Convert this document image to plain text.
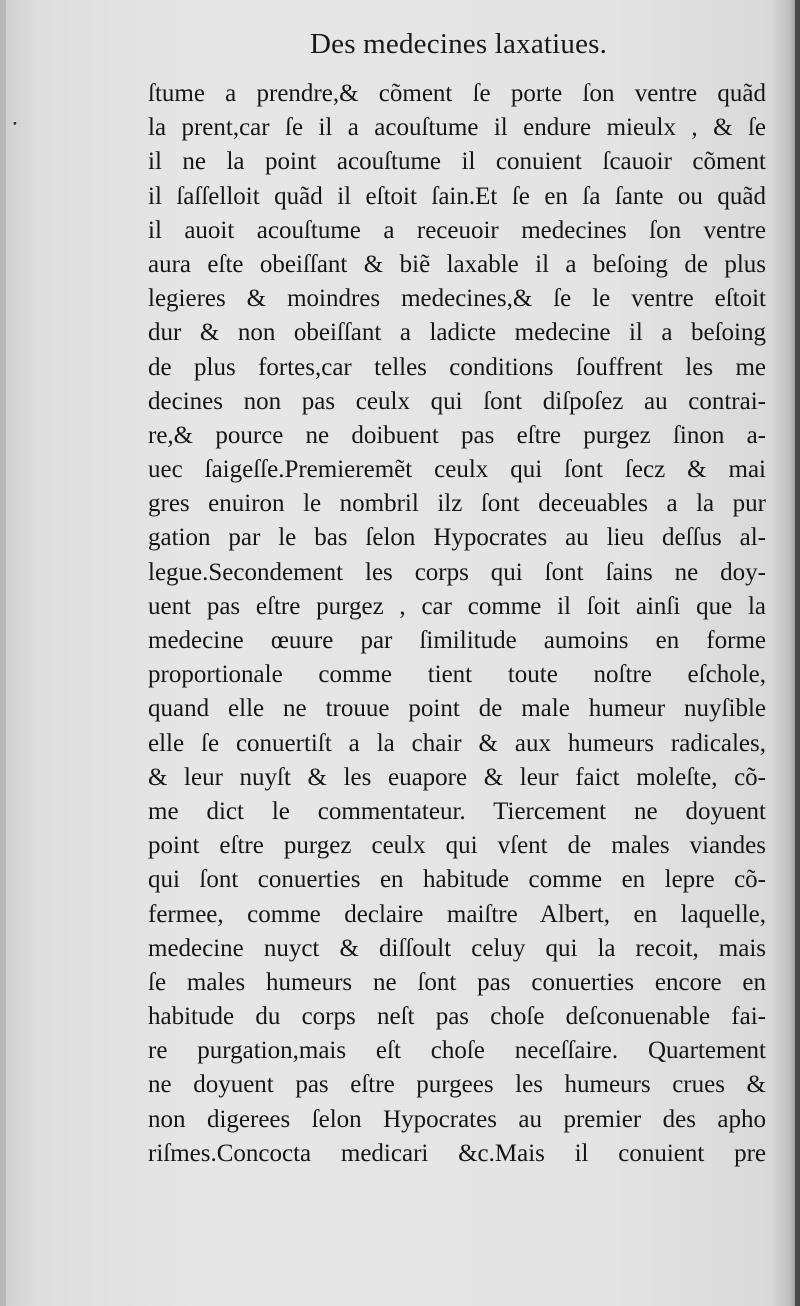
⸱
Des medecines laxatiues.
ſtume a prendre,& cõment ſe porte ſon ventre quãd
la prent,car ſe il a acouſtume il endure mieulx , & ſe
il ne la point acouſtume il conuient ſcauoir cõment
il ſaſſelloit quãd il eſtoit ſain.Et ſe en ſa ſante ou quãd
il auoit acouſtume a receuoir medecines ſon ventre
aura eſte obeiſſant & biẽ laxable il a beſoing de plus
legieres & moindres medecines,& ſe le ventre eſtoit
dur & non obeiſſant a ladicte medecine il a beſoing
de plus fortes,car telles conditions ſouffrent les me
decines non pas ceulx qui ſont diſpoſez au contrai-
re,& pource ne doibuent pas eſtre purgez ſinon a-
uec ſaigeſſe.Premieremẽt ceulx qui ſont ſecz & mai
gres enuiron le nombril ilz ſont deceuables a la pur
gation par le bas ſelon Hypocrates au lieu deſſus al-
legue.Secondement les corps qui ſont ſains ne doy-
uent pas eſtre purgez , car comme il ſoit ainſi que la
medecine œuure par ſimilitude aumoins en forme
proportionale comme tient toute noſtre eſchole,
quand elle ne trouue point de male humeur nuyſible
elle ſe conuertiſt a la chair & aux humeurs radicales,
& leur nuyſt & les euapore & leur faict moleſte, cõ-
me dict le commentateur. Tiercement ne doyuent
point eſtre purgez ceulx qui vſent de males viandes
qui ſont conuerties en habitude comme en lepre cõ-
fermee, comme declaire maiſtre Albert, en laquelle,
medecine nuyct & diſſoult celuy qui la recoit, mais
ſe males humeurs ne ſont pas conuerties encore en
habitude du corps neſt pas choſe deſconuenable fai-
re purgation,mais eſt choſe neceſſaire. Quartement
ne doyuent pas eſtre purgees les humeurs crues &
non digerees ſelon Hypocrates au premier des apho
riſmes.Concocta medicari &c.Mais il conuient pre
